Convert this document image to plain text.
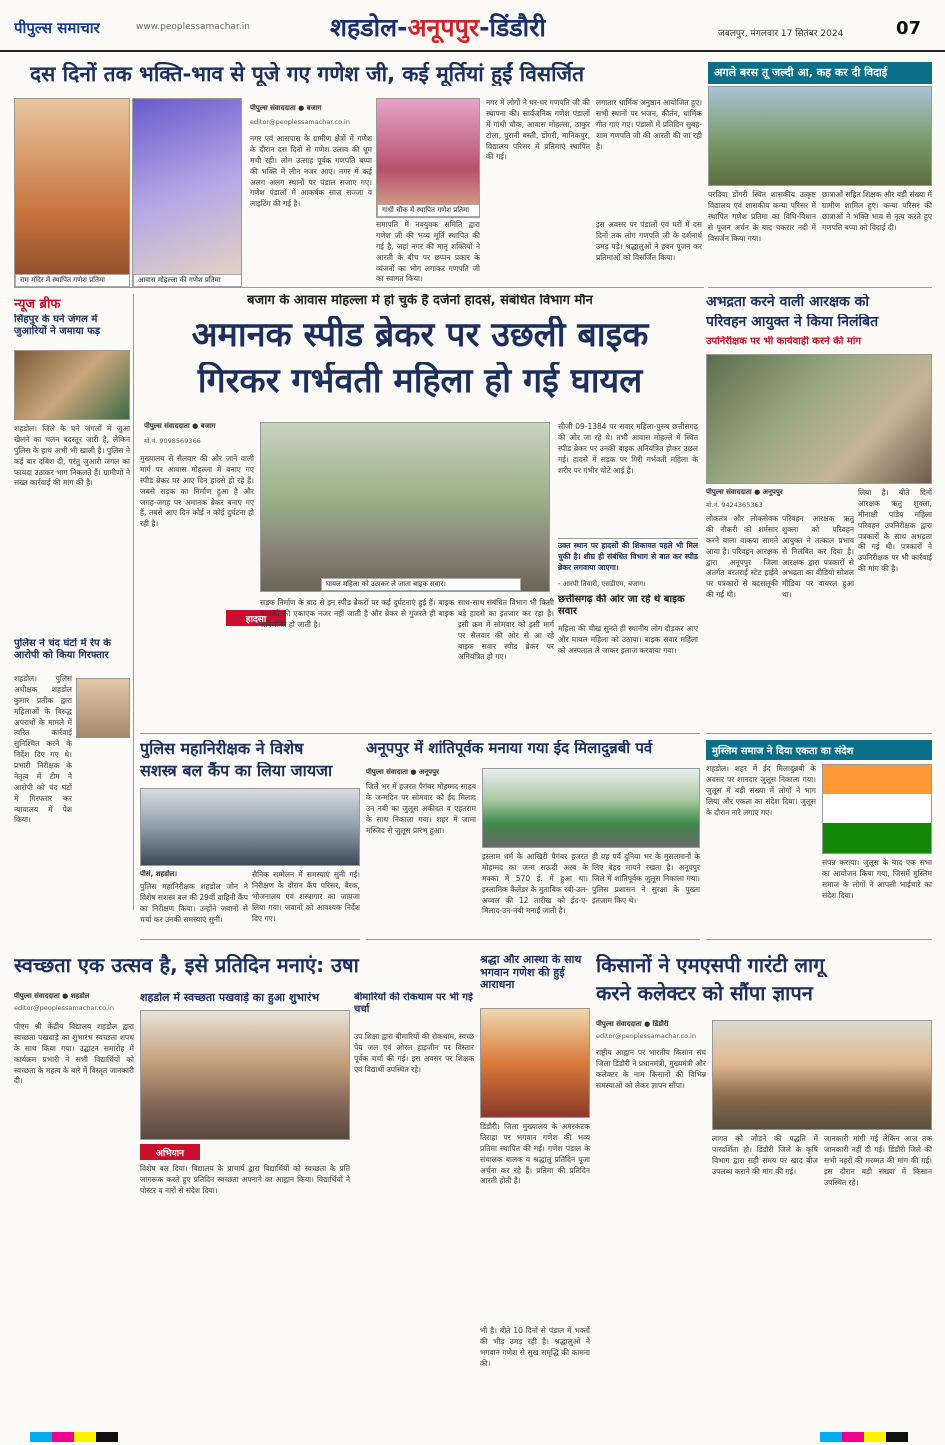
पीपुल्स समाचार	www.peoplessamachar.in	शहडोल-अनूपपुर-डिंडौरी	जबलपुर, मंगलवार 17 सितंबर 2024	07
दस दिनों तक भक्ति-भाव से पूजे गए गणेश जी, कई मूर्तियां हुईं विसर्जित
राम मंदिर में स्थापित गणेश प्रतिमा	आवास मोहल्ला की गणेश प्रतिमा
पीपुल्स संवाददाता ● बजाग
editor@peoplessamachar.co.in
नगर एवं आसपास के ग्रामीण क्षेत्रों में गणेश के दौरान दस दिनों से गणेश उत्सव की धूम मची रही। लोग उत्साह पूर्वक गणपति बप्पा की भक्ति में लीन नजर आए। नगर में कई अलग अलग स्थानों पर पंडाल सजाए गए। गणेश पंडालों में आकर्षक साज सज्जा व लाइटिंग की गई है।
गांधी चौक में स्थापित गणेश प्रतिमा
समापति में नवयुवक समिति द्वारा गणेश जी की भव्य मूर्ति स्थापित की गई है, जहां नगर की मातृ शक्तियों ने आरती के बीच पर छप्पन प्रकार के व्यंजनों का भोग लगाकर गणपति जी का स्वागत किया।
नगर में लोगों ने घर-घर गणपति जी की स्थापना की। सार्वजनिक गणेश पंडालों में गांधी चौक, आवास मोहल्ला, ठाकुर टोला, पुरानी बस्ती, डोंगरी, मानिकपुर, विद्यालय परिसर में प्रतिमाएं स्थापित की गई।
लगातार धार्मिक अनुष्ठान आयोजित हुए। सभी स्थानों पर भजन, कीर्तन, धार्मिक गीत गाए गए। पंडालों में प्रतिदिन सुबह-शाम गणपति जी की आरती की जा रही है।
इस अवसर पर पंडालों एवं घरों में दस दिनों तक लोग गणपति जी के दर्शनार्थ उमड़ पड़े। श्रद्धालुओं ने हवन पूजन कर प्रतिमाओं को विसर्जित किया।
अगले बरस तू जल्दी आ, कह कर दी विदाई
परदिया डोंगरी स्थित शासकीय उत्कृष्ट विद्यालय एवं शासकीय कन्या परिसर में स्थापित गणेश प्रतिमा का विधि-विधान से पूजन अर्चन के बाद चकरार नदी में विसर्जन किया गया।
छात्राओं सहित शिक्षक और बड़ी संख्या में ग्रामीण शामिल हुए। कन्या परिसर की छात्राओं ने भक्ति भाव से नृत्य करते हुए गणपति बप्पा को विदाई दी।
न्यूज ब्रीफ
सिंहपुर के घने जंगल में जुआरियों ने जमाया फड़
शहडोल। जिले के घने जंगलों में जुआ खेलने का चलन बदस्तूर जारी है, लेकिन पुलिस के हाथ अभी भी खाली है। पुलिस ने कई बार दबिश दी, परंतु जुआरी जंगल का फायदा उठाकर भाग निकलते हैं। ग्रामीणों ने सख्त कार्रवाई की मांग की है।
पुलिस ने चंद घंटों में रेप के आरोपी को किया गिरफ्तार
शहडोल। पुलिस अधीक्षक शहडोल कुमार प्रतीक द्वारा महिलाओं के विरुद्ध अपराधों के मामले में त्वरित कार्रवाई सुनिश्चित करने के निर्देश दिए गए थे। प्रभारी निरीक्षक के नेतृत्व में टीम ने आरोपी को चंद घंटों में गिरफ्तार कर न्यायालय में पेश किया।
बजाग के आवास मोहल्ला में हो चुके हैं दर्जनों हादसे, संबंधित विभाग मौन
अमानक स्पीड ब्रेकर पर उछली बाइक
गिरकर गर्भवती महिला हो गई घायल
पीपुल्स संवाददाता ● बजाग
मो.नं. 9098569366
घायल महिला को उठाकर ले जाता बाइक सवार।
हादसा
मुख्यालय से सैलवार की ओर जाने वाली मार्ग पर आवास मोहल्ला में बनाए गए स्पीड ब्रेकर पर आए दिन हादसे हो रहे हैं। जबसे सड़क का निर्माण हुआ है और जगह-जगह पर अमानक ब्रेकर बनाए गए हैं, तबसे आए दिन कोई न कोई दुर्घटना हो रही है।
सड़क निर्माण के बाद से इन स्पीड ब्रेकरों पर कई दुर्घटनाएं हुई हैं। बाइक चालकों की एकाएक नजर नहीं जाती है और ब्रेकर से गुजरते ही बाइक अनियंत्रित हो जाती है।
साथ-साथ संबंधित विभाग भी किसी बड़े हादसे का इंतजार कर रहा है। इसी क्रम में सोमवार को इसी मार्ग पर सैलवार की ओर से आ रहे बाइक सवार स्पीड ब्रेकर पर अनियंत्रित हो गए।
छत्तीसगढ़ की ओर जा रहे थे बाइक सवार
महिला की चीख सुनते ही स्थानीय लोग दौड़कर आए और घायल महिला को उठाया। बाइक सवार महिला को अस्पताल ले जाकर इलाज करवाया गया।
सीजी 09-1384 पर सवार महिला-पुरुष छत्तीसगढ़ की ओर जा रहे थे। तभी आवास मोहल्ले में स्थित स्पीड ब्रेकर पर उनकी बाइक अनियंत्रित होकर उछल गई। हादसे में सड़क पर गिरी गर्भवती महिला के शरीर पर गंभीर चोटें आई हैं।
उक्त स्थान पर हादसों की शिकायत पहले भी मिल चुकी है। शीघ्र ही संबंधित विभाग से बात कर स्पीड ब्रेकर लगवाया जाएगा।
- आरपी तिवारी, एसडीएम, बजाग।
अभद्रता करने वाली आरक्षक को
परिवहन आयुक्त ने किया निलंबित
उपनिरीक्षक पर भी कार्यवाही करने की मांग
पीपुल्स संवाददाता ● अनूपपुर
मो.नं. 9424365363
लोकतंत्र और लोकसेवक की नौकरी को शर्मसार करने वाला वाकया सामने आया है। परिवहन आरक्षक द्वारा अनूपपुर जिला अंतर्गत बरतराई स्टेट हाईवे पर पत्रकारों से बदसलूकी की गई थी।
परिवहन आरक्षक ऋतु शुक्ला को परिवहन आयुक्त ने तत्काल प्रभाव से निलंबित कर दिया है। आरक्षक द्वारा पत्रकारों से अभद्रता का वीडियो सोशल मीडिया पर वायरल हुआ था।
लिया है। बीते दिनों आरक्षक ऋतु शुक्ला, मीनाक्षी पांडेय महिला परिवहन उपनिरीक्षक द्वारा पत्रकारों के साथ अभद्रता की गई थी। पत्रकारों ने उपनिरीक्षक पर भी कार्रवाई की मांग की है।
पुलिस महानिरीक्षक ने विशेष
सशस्त्र बल कैंप का लिया जायजा
पीसं, शहडोल।
पुलिस महानिरीक्षक शहडोल जोन ने विशेष सशस्त्र बल की 29वीं वाहिनी कैंप का निरीक्षण किया। उन्होंने जवानों से चर्चा कर उनकी समस्याएं सुनीं।
सैनिक सम्मेलन में समस्याएं सुनी गईं। निरीक्षण के दौरान कैंप परिसर, बैरक, भोजनालय एवं शस्त्रागार का जायजा लिया गया। जवानों को आवश्यक निर्देश दिए गए।
अनूपपुर में शांतिपूर्वक मनाया गया ईद मिलादुन्नबी पर्व
पीपुल्स संवादाता ● अनूपपुर
जिले भर में हजरत पैगंबर मोहम्मद साहब के जन्मदिन पर सोमवार को ईद मिलाद उन नबी का जुलूस अकीदत व एहतराम के साथ निकाला गया। शहर में जामा मस्जिद से जुलूस प्रारंभ हुआ।
इस्लाम धर्म के आखिरी पैगंबर हजरत मोहम्मद का जन्म सऊदी अरब के मक्का में 570 ई. में हुआ था। इस्लामिक कैलेंडर के मुताबिक रबी-उल-अव्वल की 12 तारीख को ईद-ए-मिलाद-उन-नबी मनाई जाती है।
ही यह पर्व दुनिया भर के मुसलमानों के लिए बेहद मायने रखता है। अनूपपुर जिले में शांतिपूर्वक जुलूस निकाला गया। पुलिस प्रशासन ने सुरक्षा के पुख्ता इंतजाम किए थे।
मुस्लिम समाज ने दिया एकता का संदेश
शहडोल। शहर में ईद मिलादुन्नबी के अवसर पर शानदार जुलूस निकाला गया। जुलूस में बड़ी संख्या में लोगों ने भाग लिया और एकता का संदेश दिया। जुलूस के दौरान नारे लगाए गए।
संपन्न कराया। जुलूस के बाद एक सभा का आयोजन किया गया, जिसमें मुस्लिम समाज के लोगों ने आपसी भाईचारे का संदेश दिया।
स्वच्छता एक उत्सव है, इसे प्रतिदिन मनाएं: उषा
पीपुल्स संवाददाता ● शहडोल
editor@peoplessamachar.co.in
पीएम श्री केंद्रीय विद्यालय शहडोल द्वारा स्वच्छता पखवाड़े का शुभारंभ स्वच्छता शपथ के साथ किया गया। उद्घाटन समारोह में कार्यक्रम प्रभारी ने सभी विद्यार्थियों को स्वच्छता के महत्व के बारे में विस्तृत जानकारी दी।
शहडोल में स्वच्छता पखवाड़े का हुआ शुभारंभ
अभियान
विशेष बल दिया। विद्यालय के प्राचार्य द्वारा विद्यार्थियों को स्वच्छता के प्रति जागरूक करते हुए प्रतिदिन स्वच्छता अपनाने का आह्वान किया। विद्यार्थियों ने पोस्टर व नारों से संदेश दिया।
बीमारियों की रोकथाम पर भी गई चर्चा
उप शिक्षा द्वारा बीमारियों की रोकथाम, स्वच्छ पेय जल एवं ओरल हाइजीन पर विस्तार पूर्वक चर्चा की गई। इस अवसर पर शिक्षक एवं विद्यार्थी उपस्थित रहे।
श्रद्धा और आस्था के साथ भगवान गणेश की हुई आराधना
डिंडौरी। जिला मुख्यालय के अमरकंटक तिराहा पर भगवान गणेश की भव्य प्रतिमा स्थापित की गई। गणेश पंडाल के संचालक बालक व श्रद्धालु प्रतिदिन पूजा अर्चना कर रहे हैं। प्रतिमा की प्रतिदिन आरती होती है।
भी है। बीते 10 दिनों से पंडाल में भक्तों की भीड़ उमड़ रही है। श्रद्धालुओं ने भगवान गणेश से सुख समृद्धि की कामना की।
किसानों ने एमएसपी गारंटी लागू
करने कलेक्टर को सौंपा ज्ञापन
पीपुल्स संवाददाता ● डिंडौरी
editor@peoplessamachar.co.in
राष्ट्रीय आह्वान पर भारतीय किसान संघ जिला डिंडौरी ने प्रधानमंत्री, मुख्यमंत्री और कलेक्टर के नाम किसानों की विभिन्न समस्याओं को लेकर ज्ञापन सौंपा।
लागत को जोड़ने की पद्धति में पारदर्शिता हो। डिंडौरी जिले के कृषि विभाग द्वारा सही समय पर खाद बीज उपलब्ध कराने की मांग की गई।
जानकारी मांगी गई लेकिन आज तक जानकारी नहीं दी गई। डिंडौरी जिले की सभी नहरों की मरम्मत की मांग की गई। इस दौरान बड़ी संख्या में किसान उपस्थित रहे।
